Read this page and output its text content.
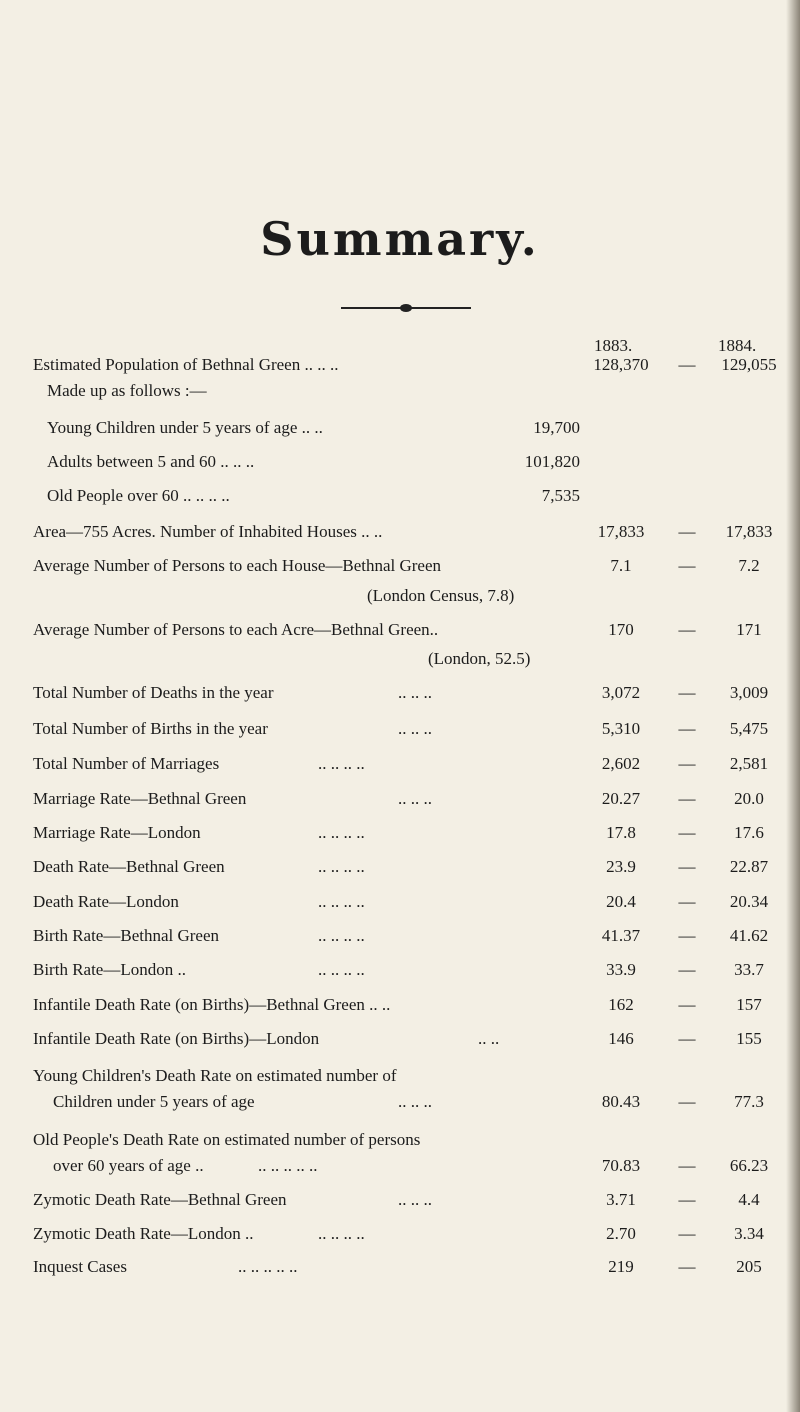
Summary.
1883.	1884.
Estimated Population of Bethnal Green .. .. ..	128,370	—	129,055
Made up as follows :—
Young Children under 5 years of age .. ..	19,700
Adults between 5 and 60 .. .. ..	101,820
Old People over 60 .. .. .. ..	7,535
Area—755 Acres. Number of Inhabited Houses .. ..	17,833	—	17,833
Average Number of Persons to each House—Bethnal Green	7.1	—	7.2
(London Census, 7.8)
Average Number of Persons to each Acre—Bethnal Green..	170	—	171
(London, 52.5)
Total Number of Deaths in the year	.. .. ..	3,072	—	3,009
Total Number of Births in the year	.. .. ..	5,310	—	5,475
Total Number of Marriages	.. .. .. ..	2,602	—	2,581
Marriage Rate—Bethnal Green	.. .. ..	20.27	—	20.0
Marriage Rate—London	.. .. .. ..	17.8	—	17.6
Death Rate—Bethnal Green	.. .. .. ..	23.9	—	22.87
Death Rate—London	.. .. .. ..	20.4	—	20.34
Birth Rate—Bethnal Green	.. .. .. ..	41.37	—	41.62
Birth Rate—London ..	.. .. .. ..	33.9	—	33.7
Infantile Death Rate (on Births)—Bethnal Green .. ..	162	—	157
Infantile Death Rate (on Births)—London	.. ..	146	—	155
Young Children's Death Rate on estimated number of
Children under 5 years of age	.. .. ..	80.43	—	77.3
Old People's Death Rate on estimated number of persons
over 60 years of age ..	.. .. .. .. ..	70.83	—	66.23
Zymotic Death Rate—Bethnal Green	.. .. ..	3.71	—	4.4
Zymotic Death Rate—London ..	.. .. .. ..	2.70	—	3.34
Inquest Cases	.. .. .. .. ..	219	—	205
